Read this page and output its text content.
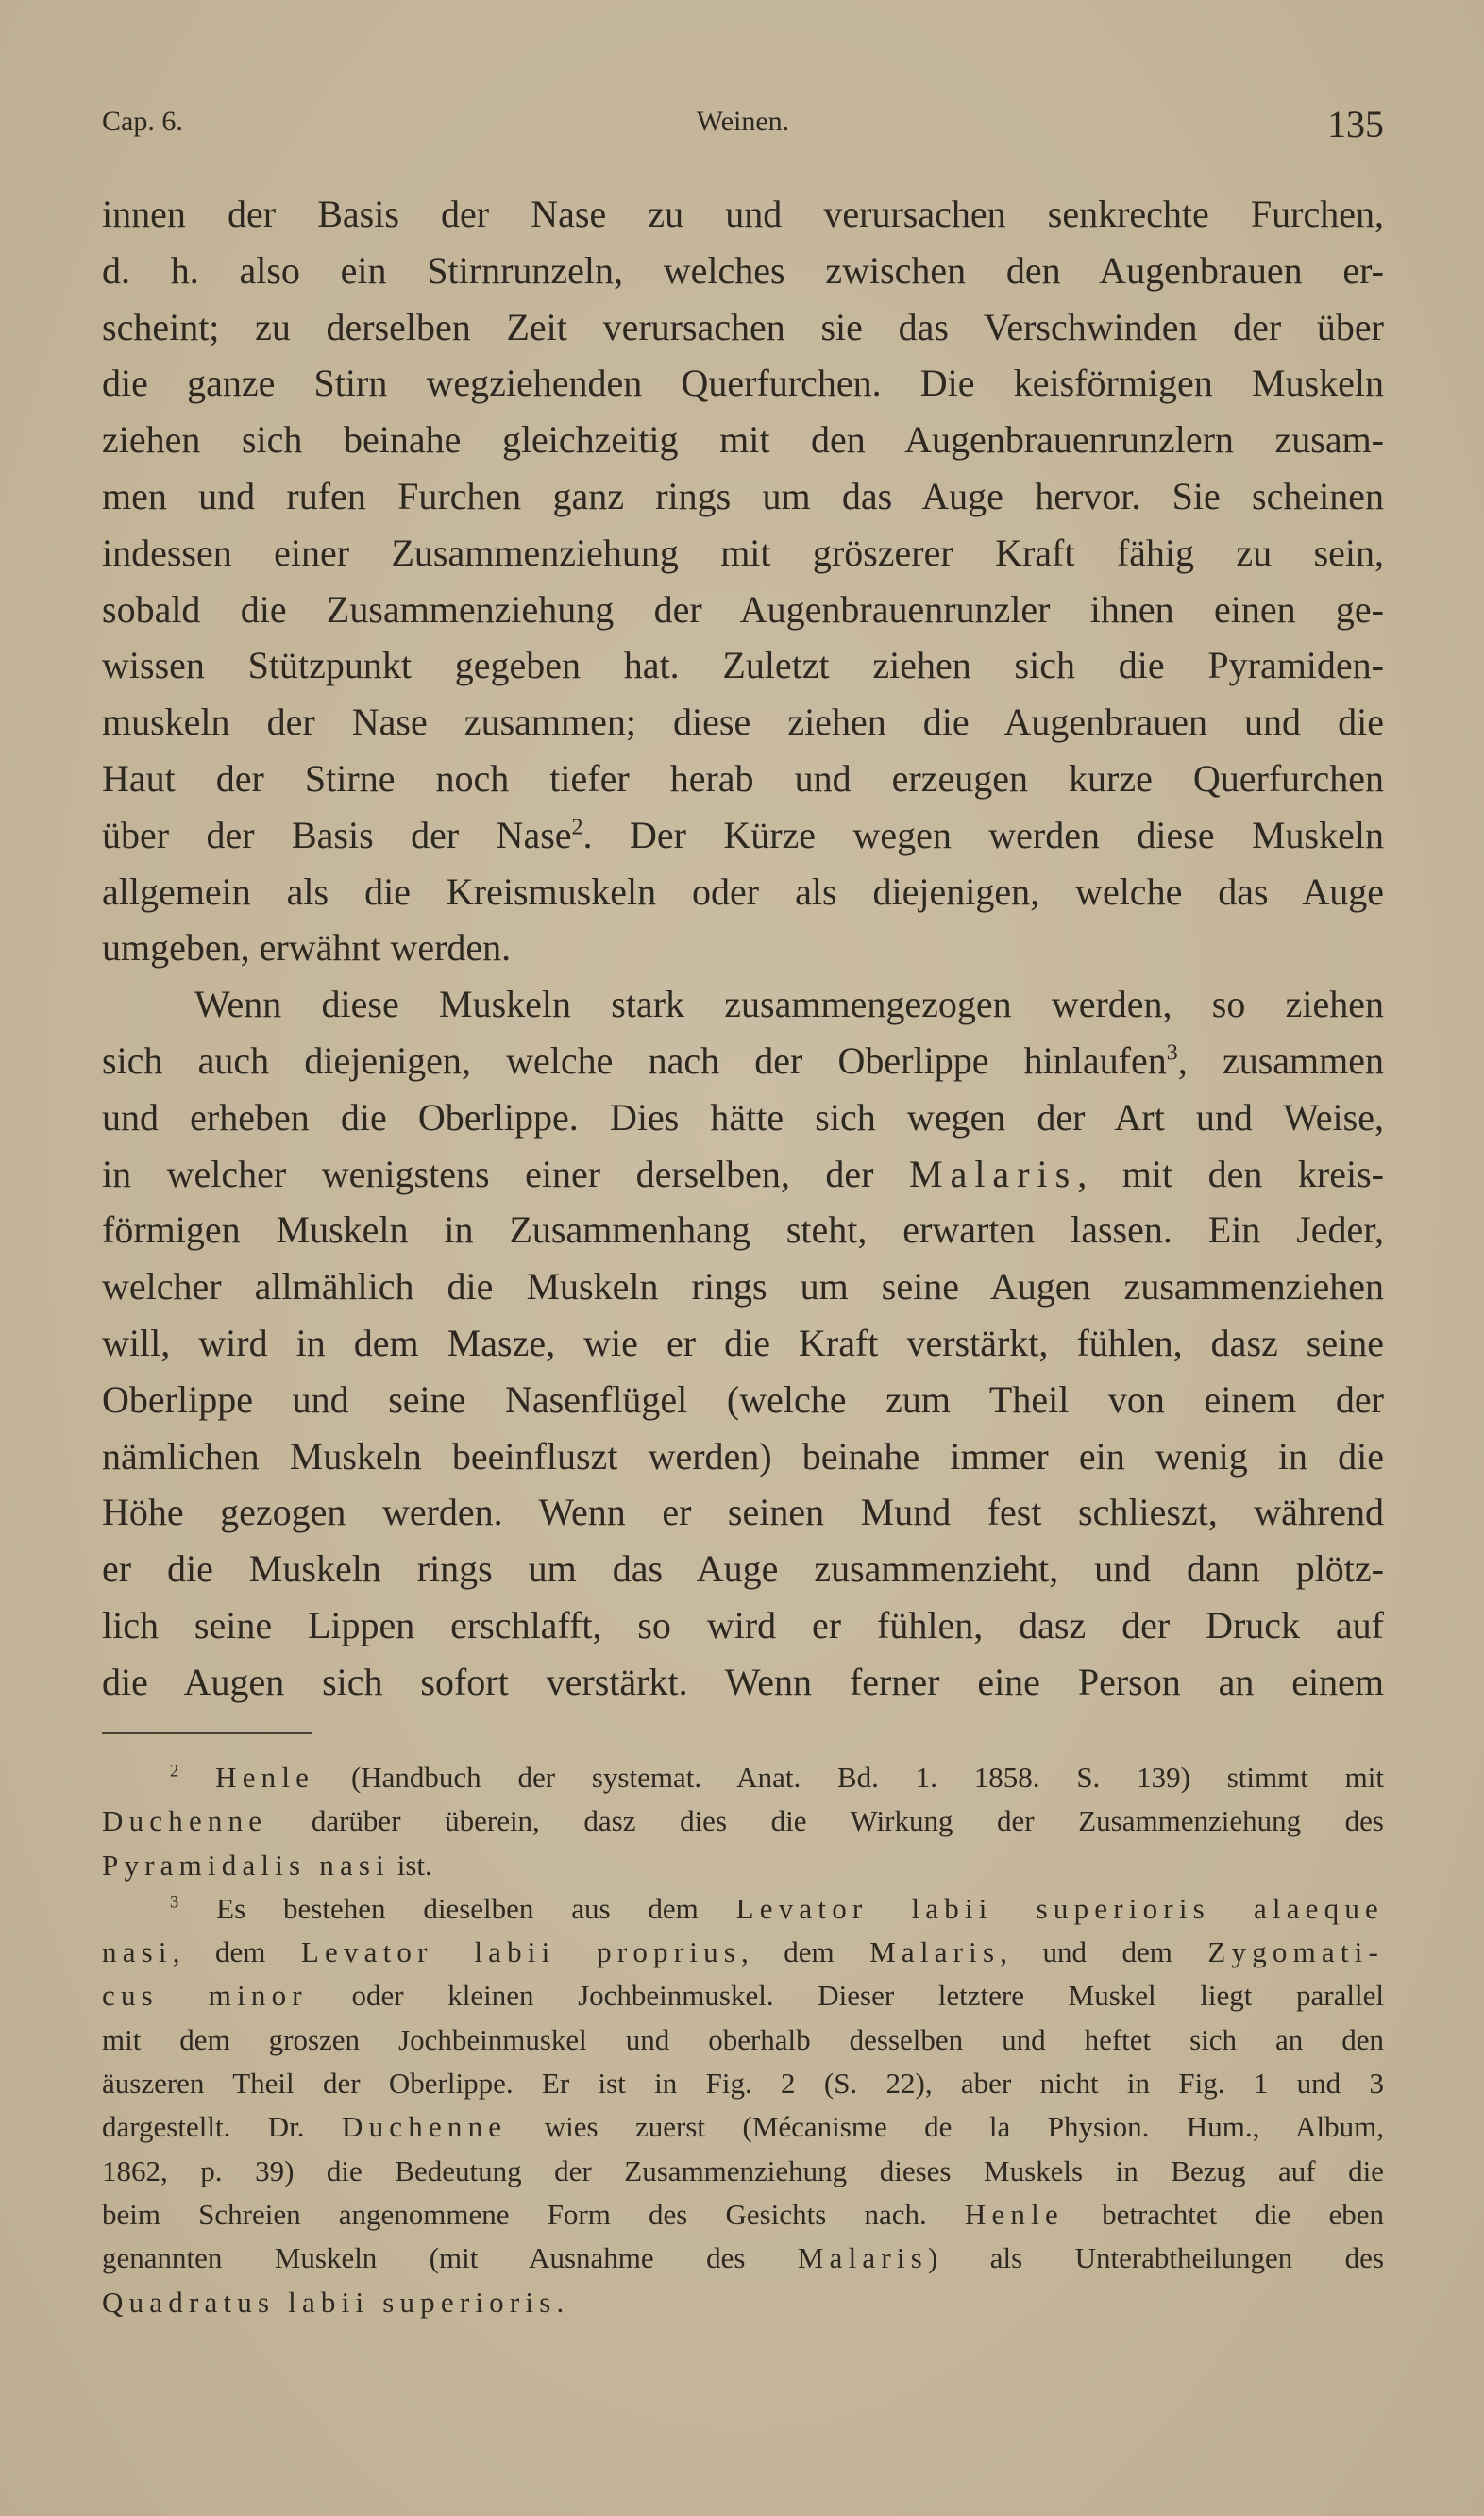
Cap. 6.	Weinen.	135
innen der Basis der Nase zu und verursachen senkrechte Furchen,
d. h. also ein Stirnrunzeln, welches zwischen den Augenbrauen er-
scheint; zu derselben Zeit verursachen sie das Verschwinden der über
die ganze Stirn wegziehenden Querfurchen. Die keisförmigen Muskeln
ziehen sich beinahe gleichzeitig mit den Augenbrauenrunzlern zusam-
men und rufen Furchen ganz rings um das Auge hervor. Sie scheinen
indessen einer Zusammenziehung mit gröszerer Kraft fähig zu sein,
sobald die Zusammenziehung der Augenbrauenrunzler ihnen einen ge-
wissen Stützpunkt gegeben hat. Zuletzt ziehen sich die Pyramiden-
muskeln der Nase zusammen; diese ziehen die Augenbrauen und die
Haut der Stirne noch tiefer herab und erzeugen kurze Querfurchen
über der Basis der Nase$^2$. Der Kürze wegen werden diese Muskeln
allgemein als die Kreismuskeln oder als diejenigen, welche das Auge
umgeben, erwähnt werden.
Wenn diese Muskeln stark zusammengezogen werden, so ziehen
sich auch diejenigen, welche nach der Oberlippe hinlaufen$^3$, zusammen
und erheben die Oberlippe. Dies hätte sich wegen der Art und Weise,
in welcher wenigstens einer derselben, der Malaris, mit den kreis-
förmigen Muskeln in Zusammenhang steht, erwarten lassen. Ein Jeder,
welcher allmählich die Muskeln rings um seine Augen zusammenziehen
will, wird in dem Masze, wie er die Kraft verstärkt, fühlen, dasz seine
Oberlippe und seine Nasenflügel (welche zum Theil von einem der
nämlichen Muskeln beeinfluszt werden) beinahe immer ein wenig in die
Höhe gezogen werden. Wenn er seinen Mund fest schlieszt, während
er die Muskeln rings um das Auge zusammenzieht, und dann plötz-
lich seine Lippen erschlafft, so wird er fühlen, dasz der Druck auf
die Augen sich sofort verstärkt. Wenn ferner eine Person an einem
$^2$ Henle (Handbuch der systemat. Anat. Bd. 1. 1858. S. 139) stimmt mit
Duchenne darüber überein, dasz dies die Wirkung der Zusammenziehung des
Pyramidalis nasi ist.
$^3$ Es bestehen dieselben aus dem Levator labii superioris alaeque
nasi, dem Levator labii proprius, dem Malaris, und dem Zygomati-
cus minor oder kleinen Jochbeinmuskel. Dieser letztere Muskel liegt parallel
mit dem groszen Jochbeinmuskel und oberhalb desselben und heftet sich an den
äuszeren Theil der Oberlippe. Er ist in Fig. 2 (S. 22), aber nicht in Fig. 1 und 3
dargestellt. Dr. Duchenne wies zuerst (Mécanisme de la Physion. Hum., Album,
1862, p. 39) die Bedeutung der Zusammenziehung dieses Muskels in Bezug auf die
beim Schreien angenommene Form des Gesichts nach. Henle betrachtet die eben
genannten Muskeln (mit Ausnahme des Malaris) als Unterabtheilungen des
Quadratus labii superioris.
